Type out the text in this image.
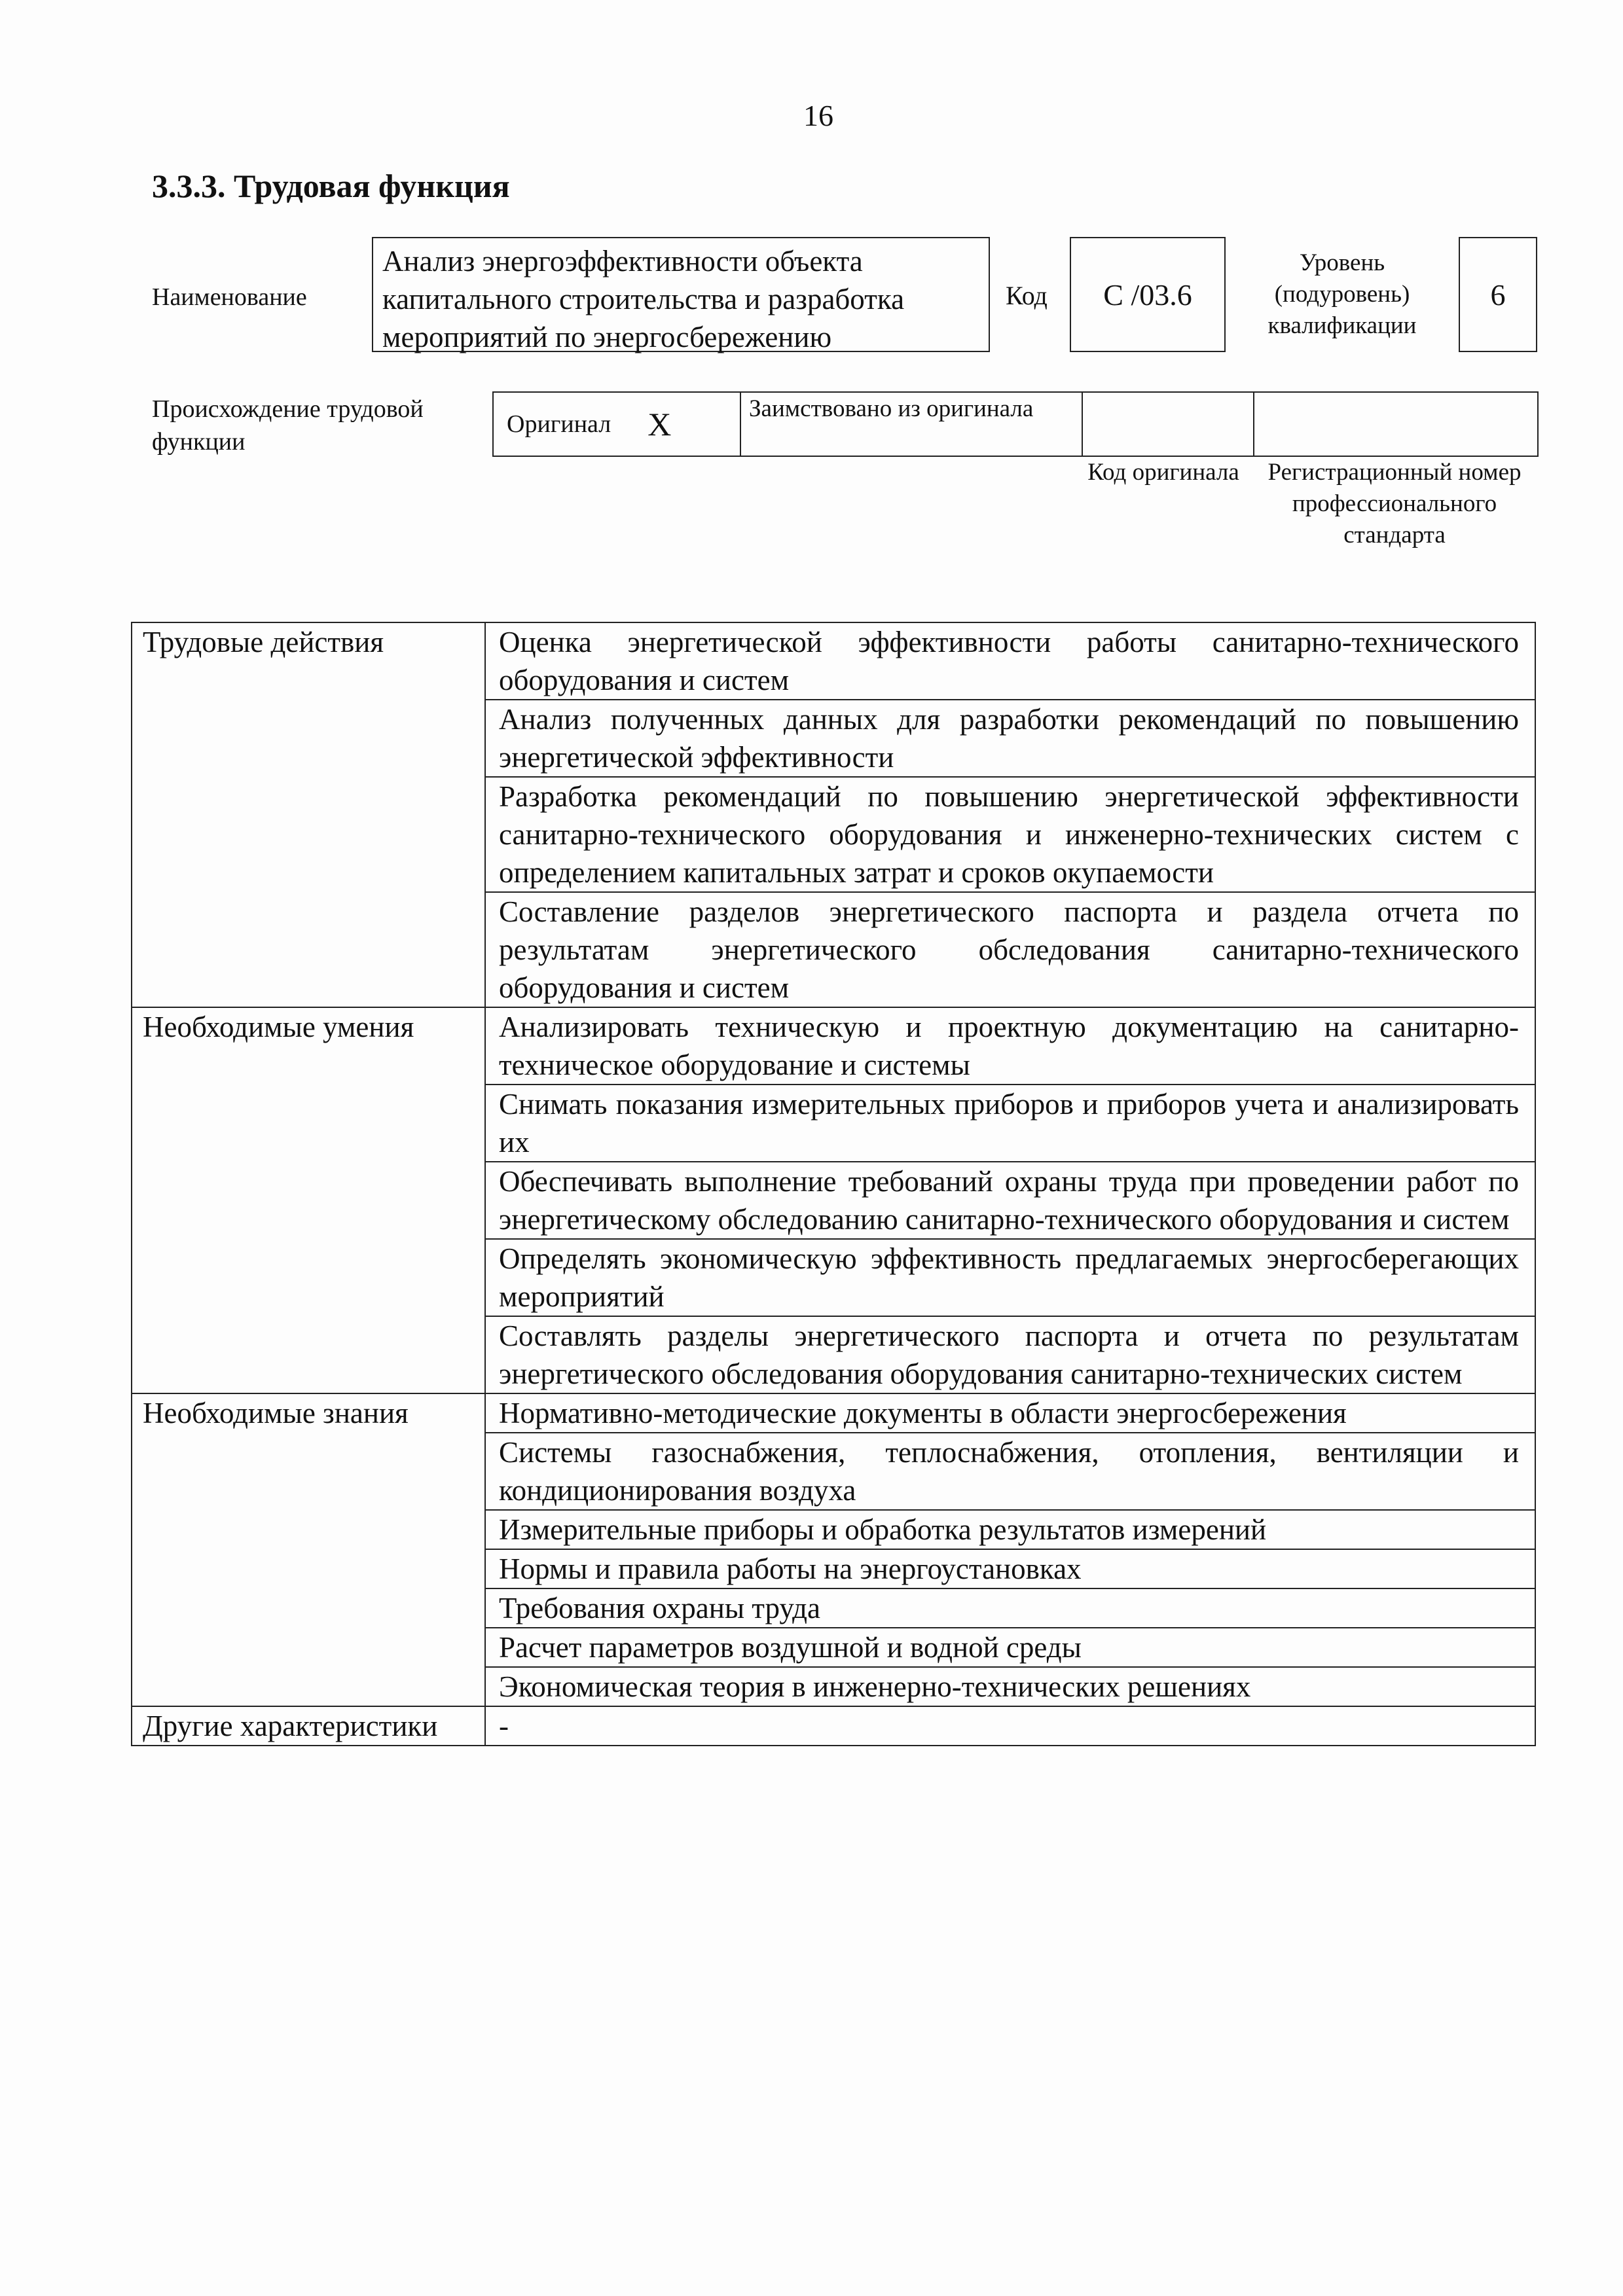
16
3.3.3. Трудовая функция
Наименование
Анализ энергоэффективности объекта капитального строительства и разработка мероприятий по энергосбережению
Код С /03.6
Уровень (подуровень) квалификации
6
Происхождение трудовой функции
Оригинал X	Заимствовано из оригинала
Код оригинала	Регистрационный номер профессионального стандарта
Трудовые действия	Оценка энергетической эффективности работы санитарно-технического оборудования и систем
	Анализ полученных данных для разработки рекомендаций по повышению энергетической эффективности
	Разработка рекомендаций по повышению энергетической эффективности санитарно-технического оборудования и инженерно-технических систем с определением капитальных затрат и сроков окупаемости
	Составление разделов энергетического паспорта и раздела отчета по результатам энергетического обследования санитарно-технического оборудования и систем
Необходимые умения	Анализировать техническую и проектную документацию на санитарно-техническое оборудование и системы
	Снимать показания измерительных приборов и приборов учета и анализировать их
	Обеспечивать выполнение требований охраны труда при проведении работ по энергетическому обследованию санитарно-технического оборудования и систем
	Определять экономическую эффективность предлагаемых энергосберегающих мероприятий
	Составлять разделы энергетического паспорта и отчета по результатам энергетического обследования оборудования санитарно-технических систем
Необходимые знания	Нормативно-методические документы в области энергосбережения
	Системы газоснабжения, теплоснабжения, отопления, вентиляции и кондиционирования воздуха
	Измерительные приборы и обработка результатов измерений
	Нормы и правила работы на энергоустановках
	Требования охраны труда
	Расчет параметров воздушной и водной среды
	Экономическая теория в инженерно-технических решениях
Другие характеристики	-
